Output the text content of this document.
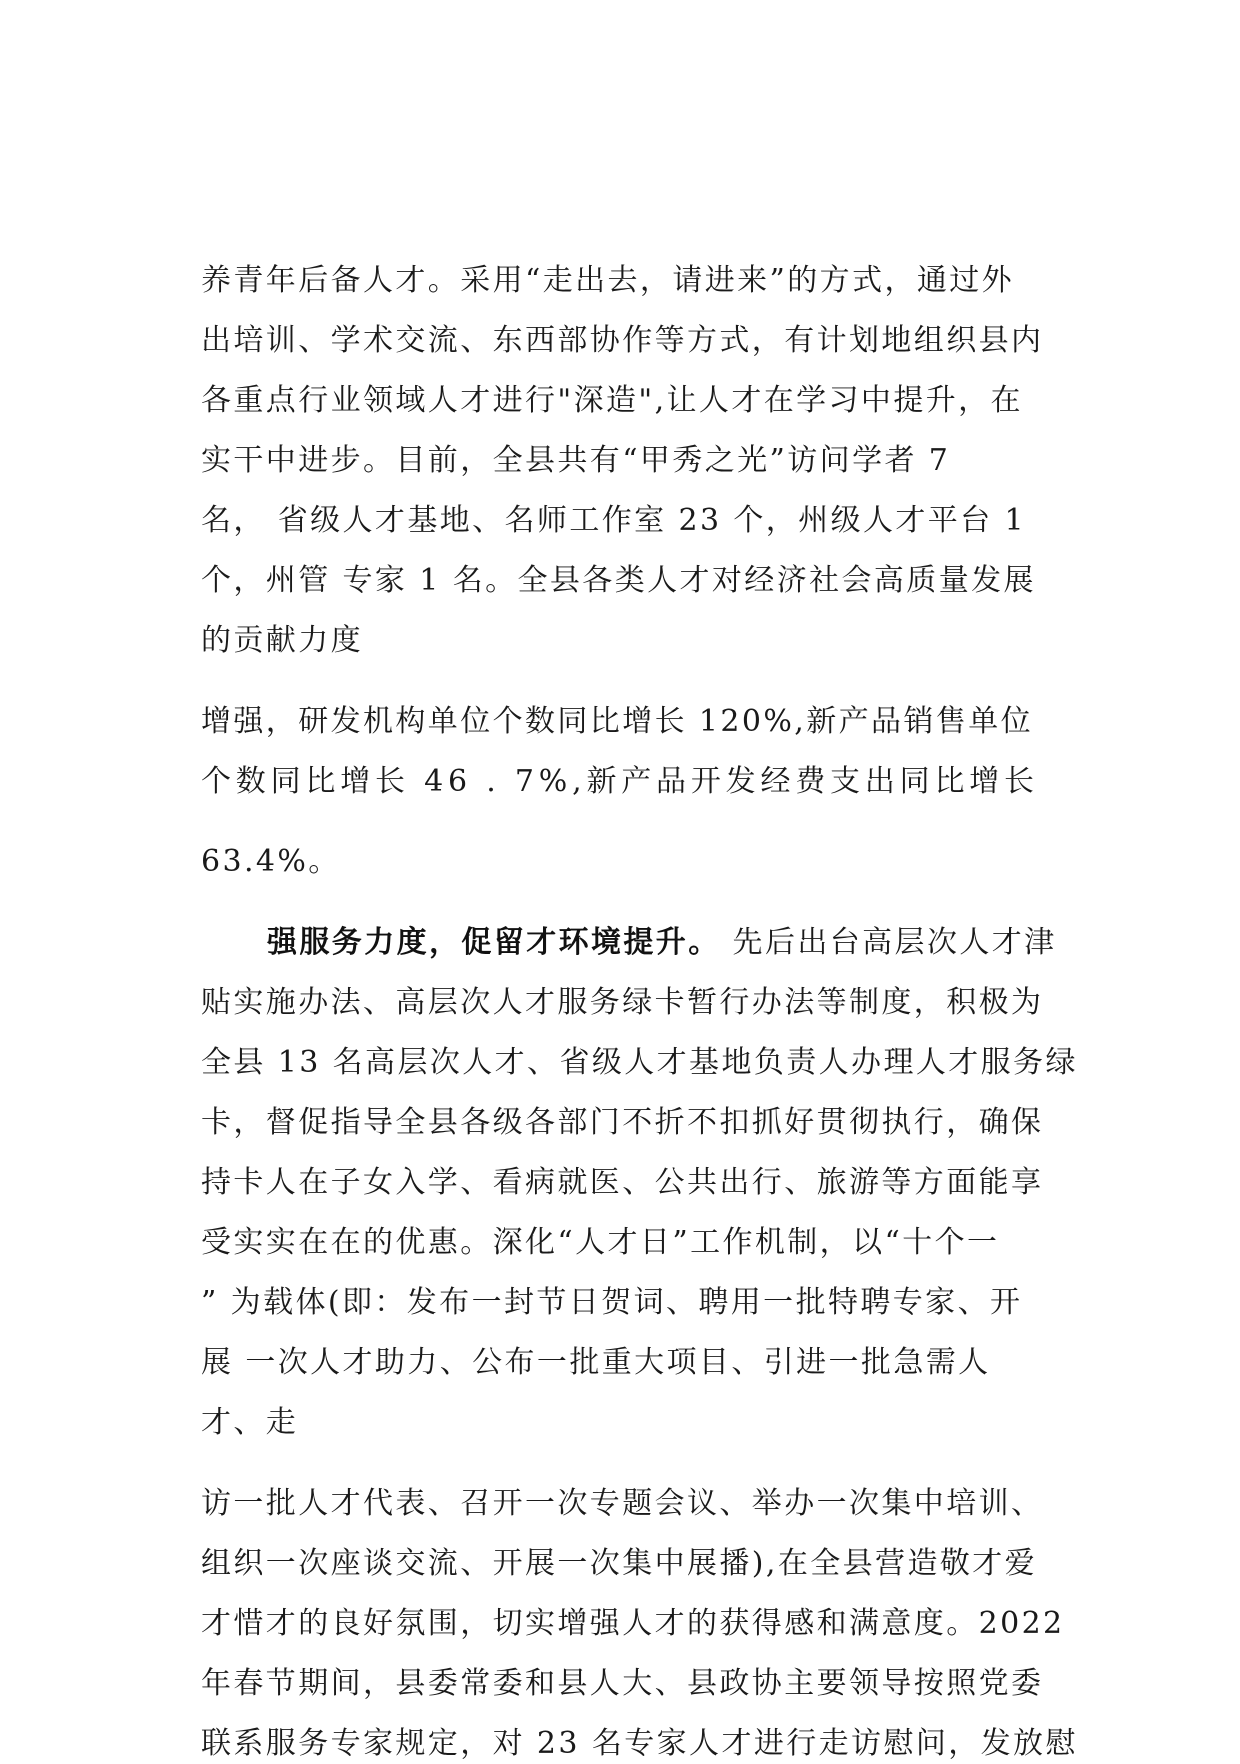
养青年后备人才。采用“走出去，请进来”的方式，通过外
出培训、学术交流、东西部协作等方式，有计划地组织县内
各重点行业领域人才进行"深造",让人才在学习中提升，在
实干中进步。目前，全县共有“甲秀之光”访问学者 7
名， 省级人才基地、名师工作室 23 个，州级人才平台 1
个，州管 专家 1 名。全县各类人才对经济社会高质量发展
的贡献力度
增强，研发机构单位个数同比增长 120%,新产品销售单位
个数同比增长 46 . 7%,新产品开发经费支出同比增长
63.4%。
强服务力度，促留才环境提升。 先后出台高层次人才津
贴实施办法、高层次人才服务绿卡暂行办法等制度，积极为
全县 13 名高层次人才、省级人才基地负责人办理人才服务绿
卡，督促指导全县各级各部门不折不扣抓好贯彻执行，确保
持卡人在子女入学、看病就医、公共出行、旅游等方面能享
受实实在在的优惠。深化“人才日”工作机制，以“十个一
” 为载体(即：发布一封节日贺词、聘用一批特聘专家、开
展 一次人才助力、公布一批重大项目、引进一批急需人
才、走
访一批人才代表、召开一次专题会议、举办一次集中培训、
组织一次座谈交流、开展一次集中展播),在全县营造敬才爱
才惜才的良好氛围，切实增强人才的获得感和满意度。2022
年春节期间，县委常委和县人大、县政协主要领导按照党委
联系服务专家规定，对 23 名专家人才进行走访慰问，发放慰
